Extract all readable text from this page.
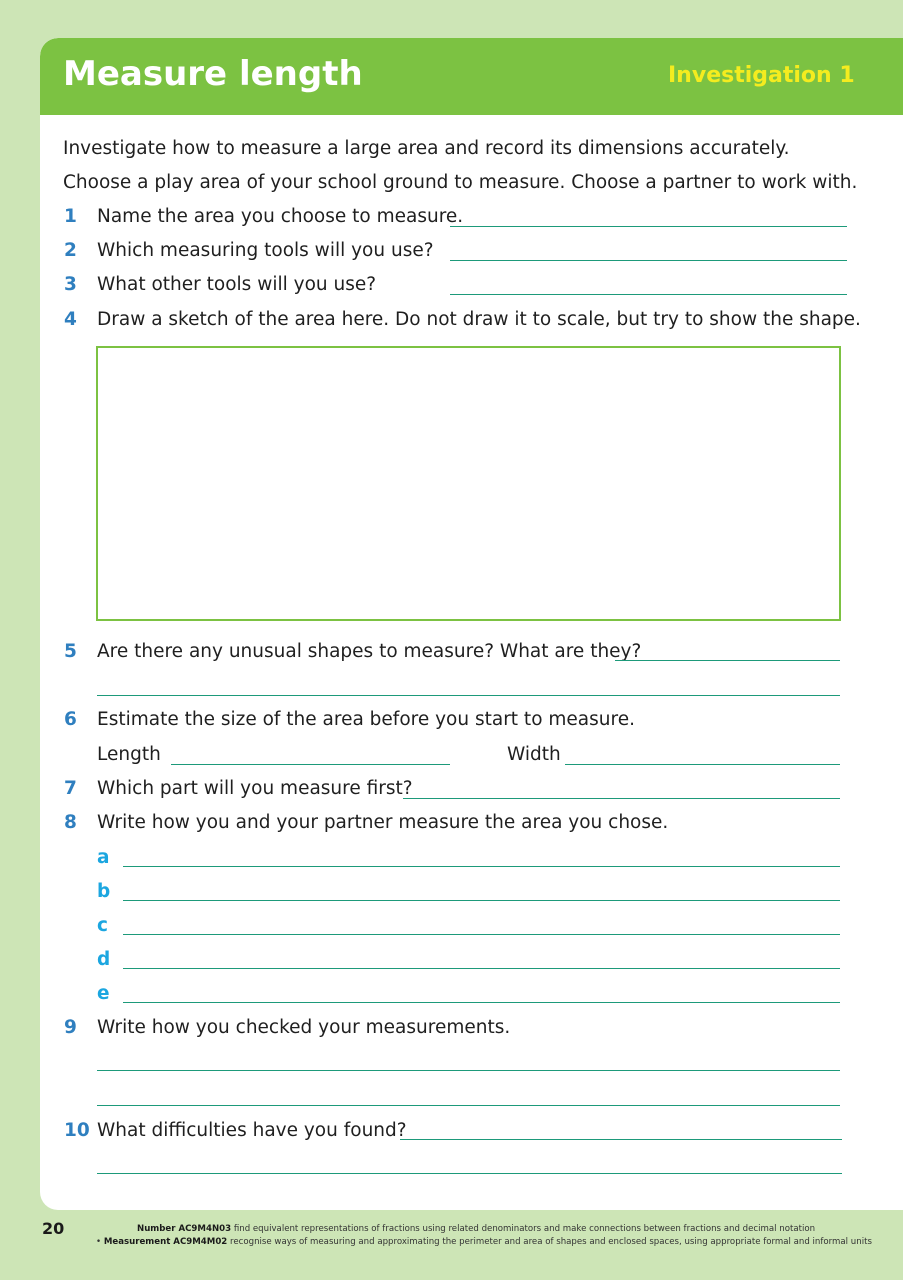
Measure length	Investigation 1
Investigate how to measure a large area and record its dimensions accurately.
Choose a play area of your school ground to measure. Choose a partner to work with.
1 Name the area you choose to measure.
2 Which measuring tools will you use?
3 What other tools will you use?
4 Draw a sketch of the area here. Do not draw it to scale, but try to show the shape.
5 Are there any unusual shapes to measure? What are they?
6 Estimate the size of the area before you start to measure.
Length	Width
7 Which part will you measure first?
8 Write how you and your partner measure the area you chose.
a
b
c
d
e
9 Write how you checked your measurements.
10 What difficulties have you found?
20	Number AC9M4N03 find equivalent representations of fractions using related denominators and make connections between fractions and decimal notation
• Measurement AC9M4M02 recognise ways of measuring and approximating the perimeter and area of shapes and enclosed spaces, using appropriate formal and informal units
